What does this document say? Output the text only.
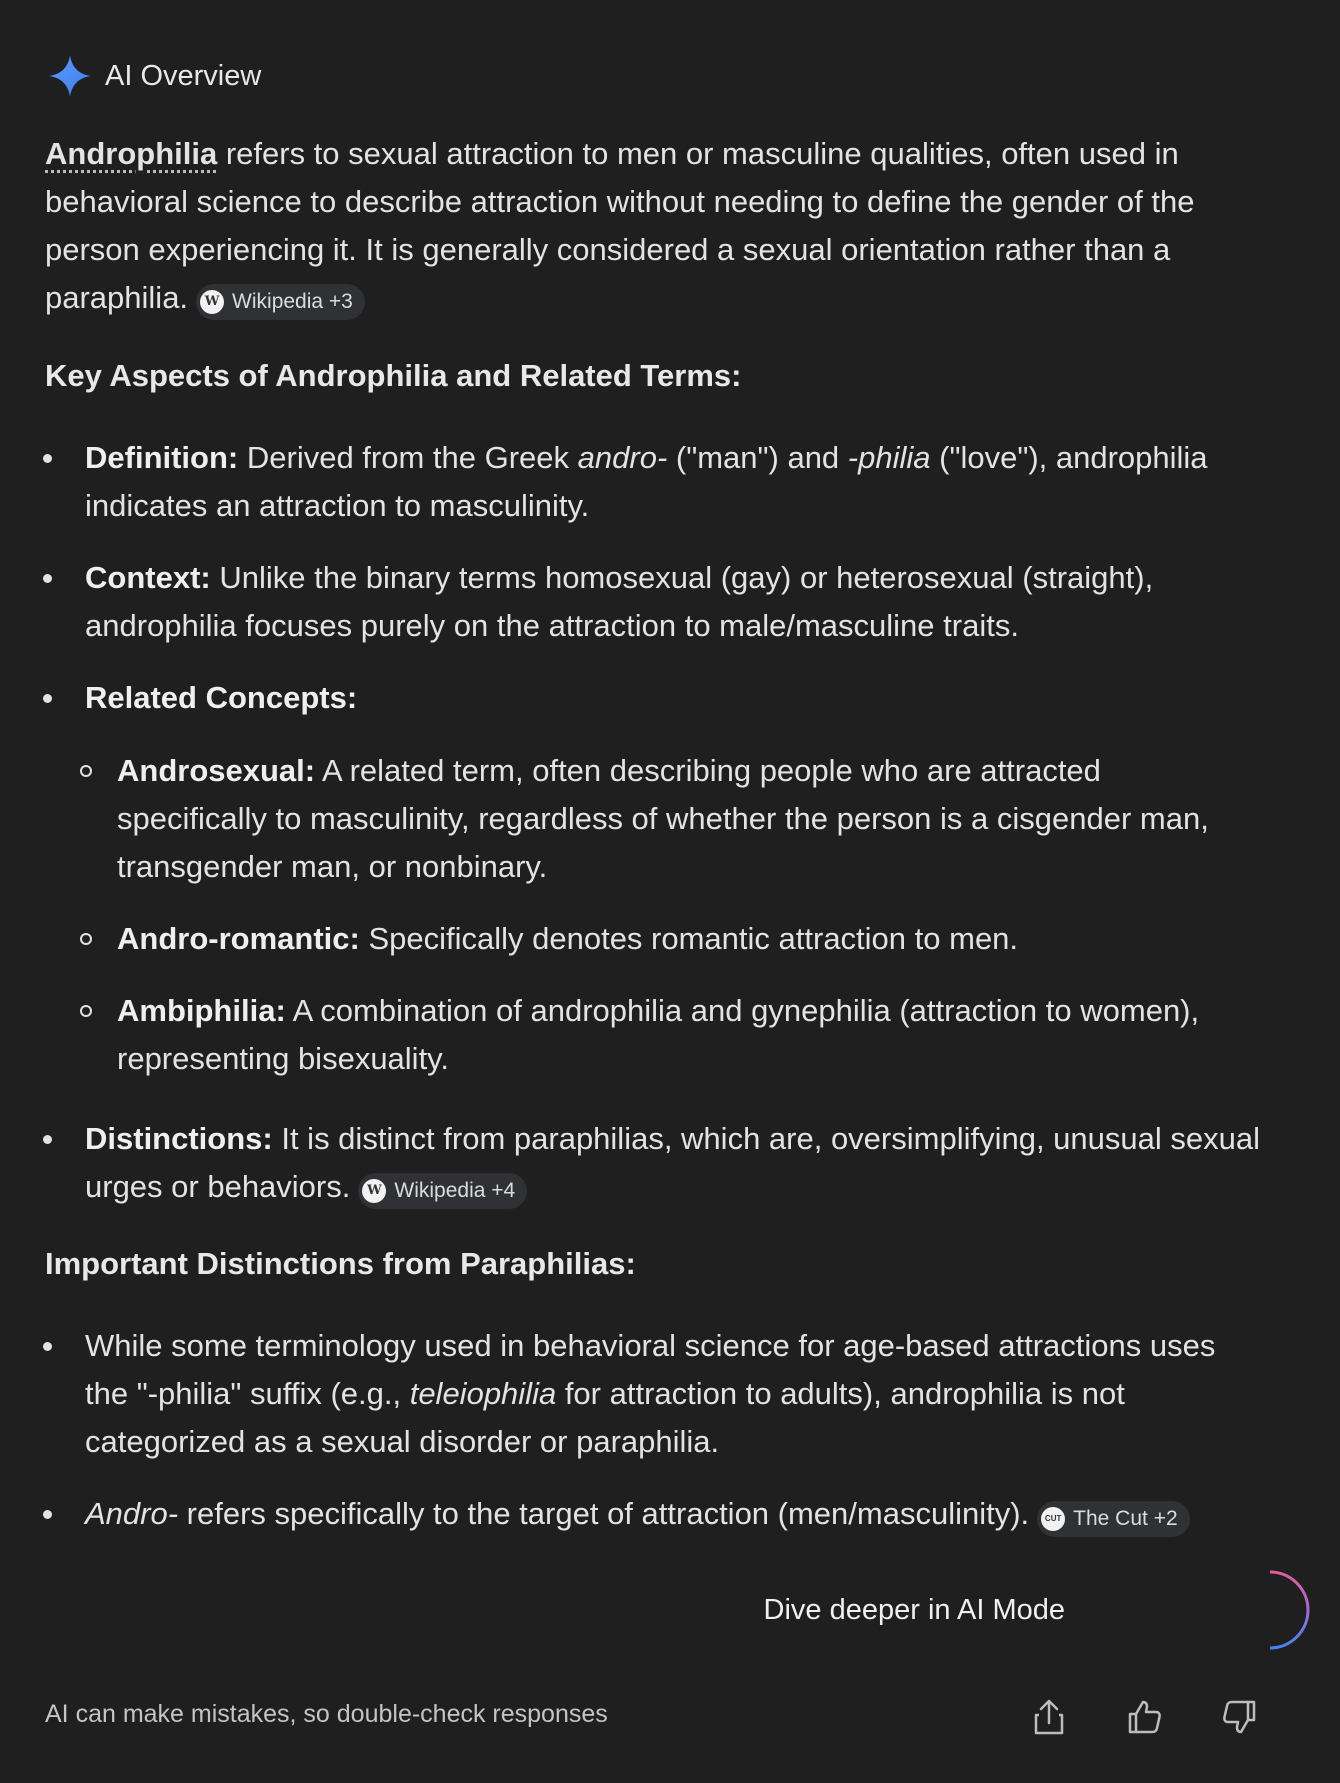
AI Overview
Androphilia refers to sexual attraction to men or masculine qualities, often used in
behavioral science to describe attraction without needing to define the gender of the
person experiencing it. It is generally considered a sexual orientation rather than a
paraphilia.	W Wikipedia +3
Key Aspects of Androphilia and Related Terms:
Definition: Derived from the Greek andro- ("man") and -philia ("love"), androphilia
indicates an attraction to masculinity.
Context: Unlike the binary terms homosexual (gay) or heterosexual (straight),
androphilia focuses purely on the attraction to male/masculine traits.
Related Concepts:
Androsexual: A related term, often describing people who are attracted
specifically to masculinity, regardless of whether the person is a cisgender man,
transgender man, or nonbinary.
Andro-romantic: Specifically denotes romantic attraction to men.
Ambiphilia: A combination of androphilia and gynephilia (attraction to women),
representing bisexuality.
Distinctions: It is distinct from paraphilias, which are, oversimplifying, unusual sexual
urges or behaviors.	W Wikipedia +4
Important Distinctions from Paraphilias:
While some terminology used in behavioral science for age-based attractions uses
the "-philia" suffix (e.g., teleiophilia for attraction to adults), androphilia is not
categorized as a sexual disorder or paraphilia.
Andro- refers specifically to the target of attraction (men/masculinity).	CUT The Cut +2
Dive deeper in AI Mode
AI can make mistakes, so double-check responses
